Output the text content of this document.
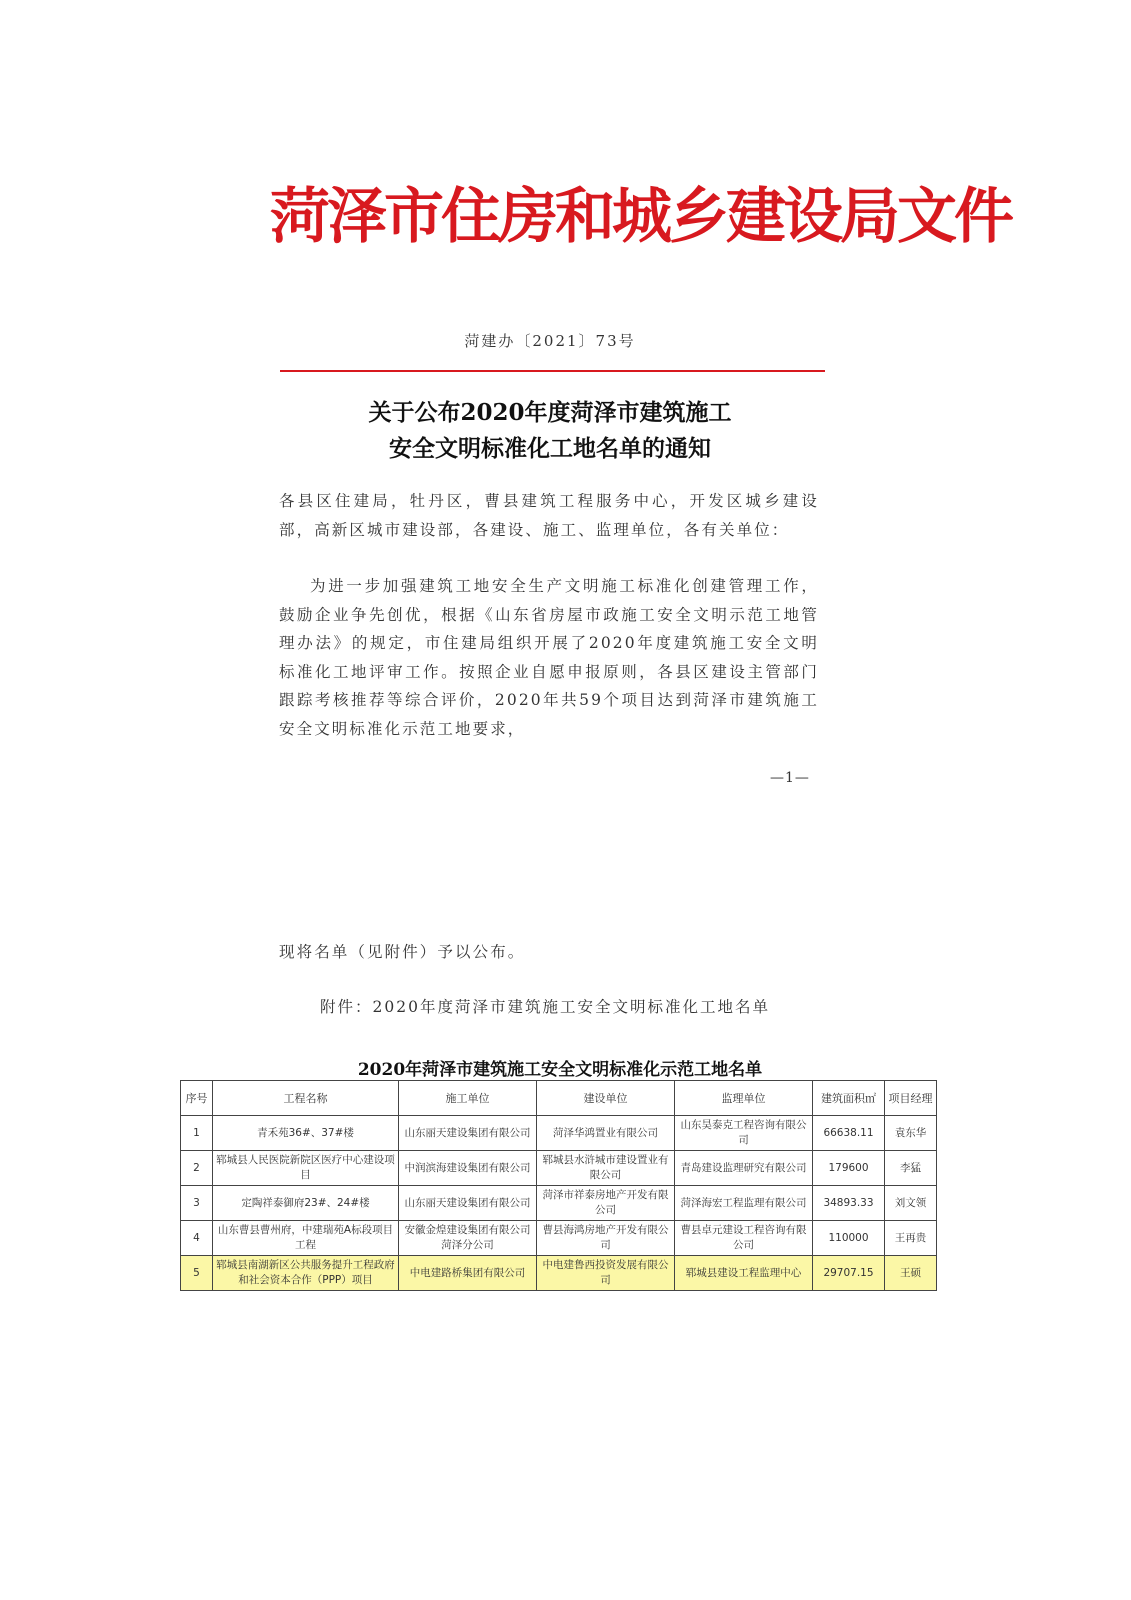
菏泽市住房和城乡建设局文件
菏建办〔2021〕73号
关于公布2020年度菏泽市建筑施工
安全文明标准化工地名单的通知
各县区住建局，牡丹区，曹县建筑工程服务中心，开发区城乡建设部，高新区城市建设部，各建设、施工、监理单位，各有关单位：
为进一步加强建筑工地安全生产文明施工标准化创建管理工作，鼓励企业争先创优，根据《山东省房屋市政施工安全文明示范工地管理办法》的规定，市住建局组织开展了2020年度建筑施工安全文明标准化工地评审工作。按照企业自愿申报原则，各县区建设主管部门跟踪考核推荐等综合评价，2020年共59个项目达到菏泽市建筑施工安全文明标准化示范工地要求，
—1—
现将名单（见附件）予以公布。
附件：2020年度菏泽市建筑施工安全文明标准化工地名单
2020年菏泽市建筑施工安全文明标准化示范工地名单
序号	工程名称	施工单位	建设单位	监理单位	建筑面积㎡	项目经理
1	青禾苑36#、37#楼	山东丽天建设集团有限公司	菏泽华鸿置业有限公司	山东昊泰克工程咨询有限公司	66638.11	袁东华
2	郓城县人民医院新院区医疗中心建设项目	中润滨海建设集团有限公司	郓城县水浒城市建设置业有限公司	青岛建设监理研究有限公司	179600	李猛
3	定陶祥泰御府23#、24#楼	山东丽天建设集团有限公司	菏泽市祥泰房地产开发有限公司	菏泽海宏工程监理有限公司	34893.33	刘文领
4	山东曹县曹州府，中建瑞苑A标段项目工程	安徽金煌建设集团有限公司菏泽分公司	曹县海鸿房地产开发有限公司	曹县卓元建设工程咨询有限公司	110000	王再贵
5	郓城县南湖新区公共服务提升工程政府和社会资本合作（PPP）项目	中电建路桥集团有限公司	中电建鲁西投资发展有限公司	郓城县建设工程监理中心	29707.15	王硕
